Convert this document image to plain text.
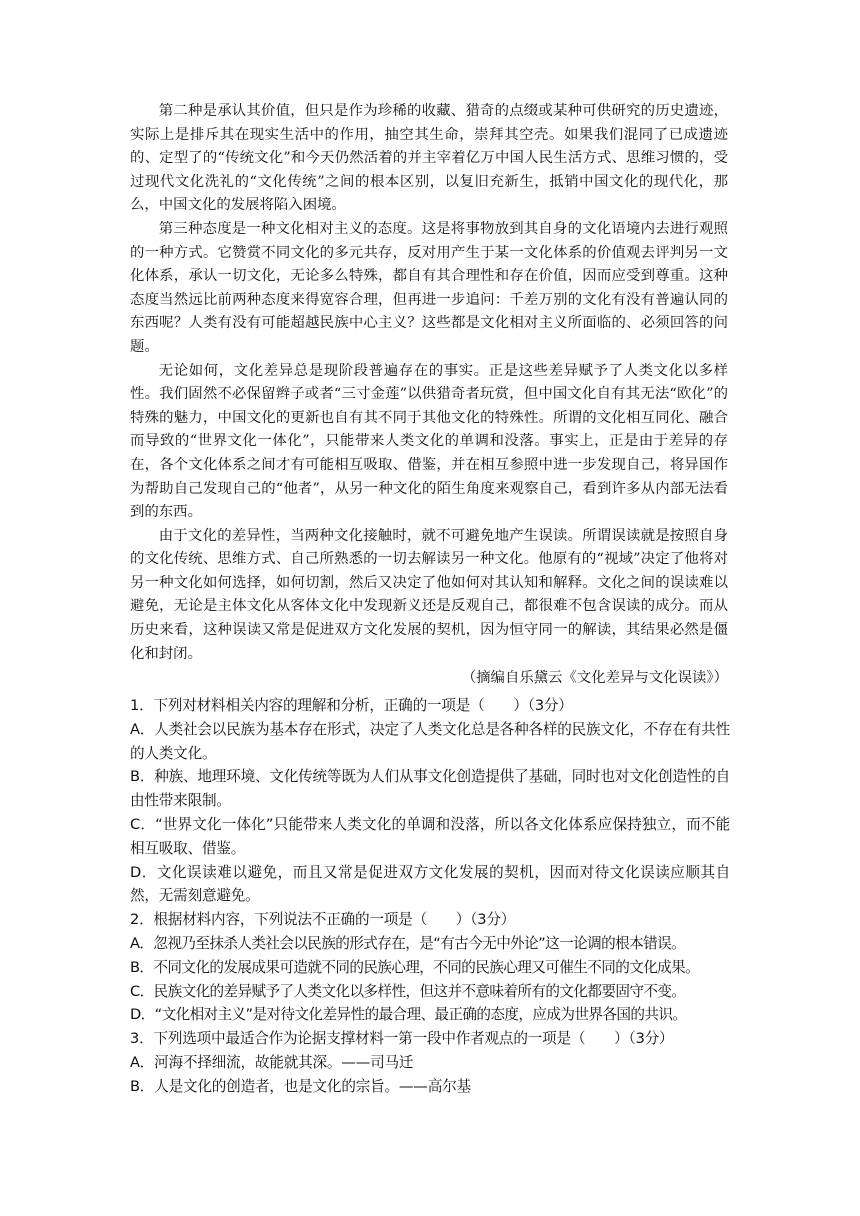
第二种是承认其价值，但只是作为珍稀的收藏、猎奇的点缀或某种可供研究的历史遗迹，实际上是排斥其在现实生活中的作用，抽空其生命，崇拜其空壳。如果我们混同了已成遗迹的、定型了的“传统文化”和今天仍然活着的并主宰着亿万中国人民生活方式、思维习惯的，受过现代文化洗礼的“文化传统”之间的根本区别，以复旧充新生，抵销中国文化的现代化，那么，中国文化的发展将陷入困境。

第三种态度是一种文化相对主义的态度。这是将事物放到其自身的文化语境内去进行观照的一种方式。它赞赏不同文化的多元共存，反对用产生于某一文化体系的价值观去评判另一文化体系，承认一切文化，无论多么特殊，都自有其合理性和存在价值，因而应受到尊重。这种态度当然远比前两种态度来得宽容合理，但再进一步追问：千差万别的文化有没有普遍认同的东西呢？人类有没有可能超越民族中心主义？这些都是文化相对主义所面临的、必须回答的问题。

无论如何，文化差异总是现阶段普遍存在的事实。正是这些差异赋予了人类文化以多样性。我们固然不必保留辫子或者“三寸金莲”以供猎奇者玩赏，但中国文化自有其无法“欧化”的特殊的魅力，中国文化的更新也自有其不同于其他文化的特殊性。所谓的文化相互同化、融合而导致的“世界文化一体化”，只能带来人类文化的单调和没落。事实上，正是由于差异的存在，各个文化体系之间才有可能相互吸取、借鉴，并在相互参照中进一步发现自己，将异国作为帮助自己发现自己的“他者”，从另一种文化的陌生角度来观察自己，看到许多从内部无法看到的东西。

由于文化的差异性，当两种文化接触时，就不可避免地产生误读。所谓误读就是按照自身的文化传统、思维方式、自己所熟悉的一切去解读另一种文化。他原有的“视域”决定了他将对另一种文化如何选择，如何切割，然后又决定了他如何对其认知和解释。文化之间的误读难以避免，无论是主体文化从客体文化中发现新义还是反观自己，都很难不包含误读的成分。而从历史来看，这种误读又常是促进双方文化发展的契机，因为恒守同一的解读，其结果必然是僵化和封闭。

（摘编自乐黛云《文化差异与文化误读》）

1．下列对材料相关内容的理解和分析，正确的一项是（　　）（3分）

A．人类社会以民族为基本存在形式，决定了人类文化总是各种各样的民族文化，不存在有共性的人类文化。

B．种族、地理环境、文化传统等既为人们从事文化创造提供了基础，同时也对文化创造性的自由性带来限制。

C．“世界文化一体化”只能带来人类文化的单调和没落，所以各文化体系应保持独立，而不能相互吸取、借鉴。

D．文化误读难以避免，而且又常是促进双方文化发展的契机，因而对待文化误读应顺其自然，无需刻意避免。

2．根据材料内容，下列说法不正确的一项是（　　）（3分）

A．忽视乃至抹杀人类社会以民族的形式存在，是“有古今无中外论”这一论调的根本错误。

B．不同文化的发展成果可造就不同的民族心理，不同的民族心理又可催生不同的文化成果。

C．民族文化的差异赋予了人类文化以多样性，但这并不意味着所有的文化都要固守不变。

D．“文化相对主义”是对待文化差异性的最合理、最正确的态度，应成为世界各国的共识。

3．下列选项中最适合作为论据支撑材料一第一段中作者观点的一项是（　　）（3分）

A．河海不择细流，故能就其深。——司马迁

B．人是文化的创造者，也是文化的宗旨。——高尔基
